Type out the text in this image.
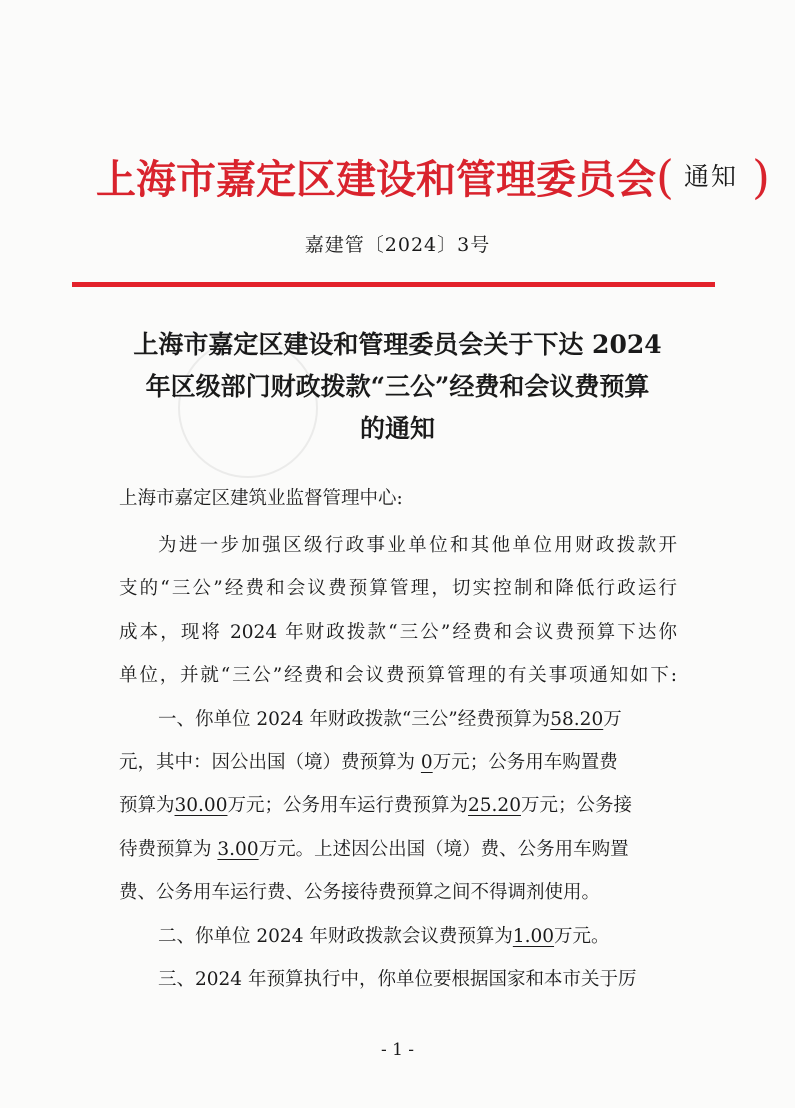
上海市嘉定区建设和管理委员会( $^{通知}$ )
嘉建管〔2024〕3号
上海市嘉定区建设和管理委员会关于下达 2024
年区级部门财政拨款“三公”经费和会议费预算
的通知
上海市嘉定区建筑业监督管理中心:
为进一步加强区级行政事业单位和其他单位用财政拨款开
支的“三公”经费和会议费预算管理，切实控制和降低行政运行
成本，现将 2024 年财政拨款“三公”经费和会议费预算下达你
单位，并就“三公”经费和会议费预算管理的有关事项通知如下:
一、你单位 2024 年财政拨款“三公”经费预算为58.20万
元，其中：因公出国（境）费预算为 0万元；公务用车购置费
预算为30.00万元；公务用车运行费预算为25.20万元；公务接
待费预算为 3.00万元。上述因公出国（境）费、公务用车购置
费、公务用车运行费、公务接待费预算之间不得调剂使用。
二、你单位 2024 年财政拨款会议费预算为1.00万元。
三、2024 年预算执行中，你单位要根据国家和本市关于厉
- 1 -
